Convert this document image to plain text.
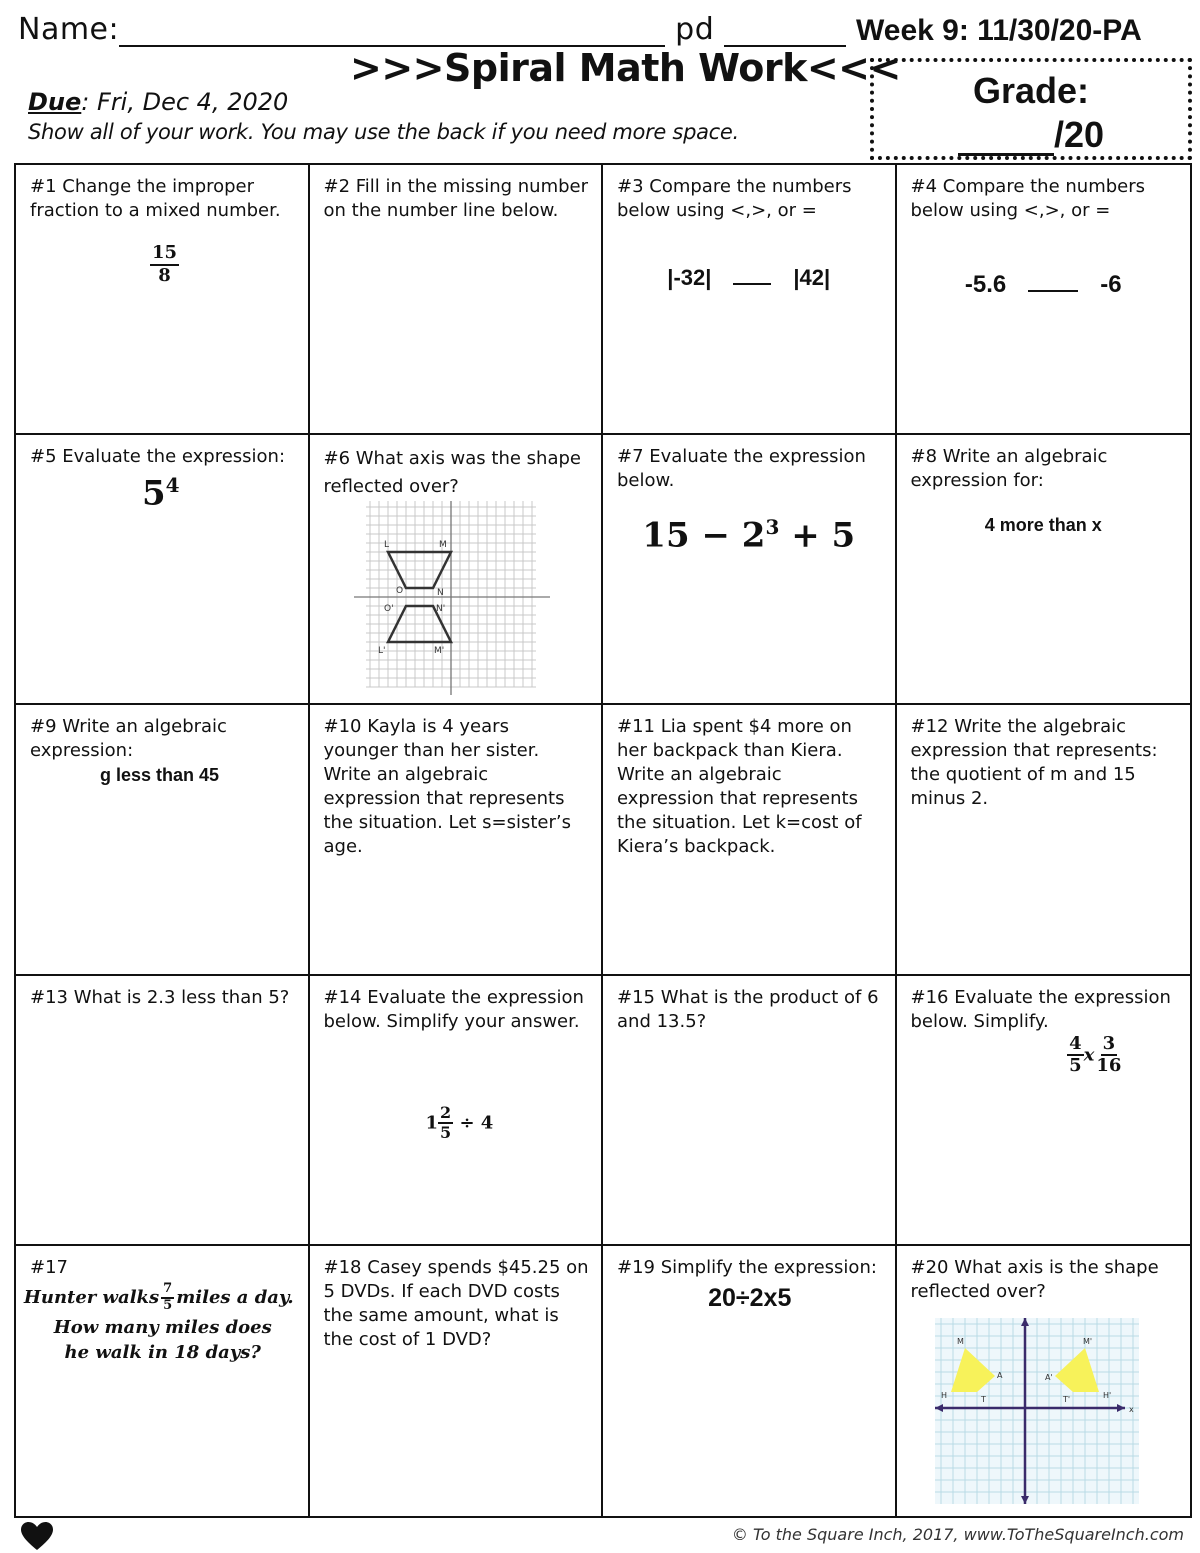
Name:	pd	Week 9: 11/30/20-PA
>>>Spiral Math Work<<<
Due: Fri, Dec 4, 2020
Show all of your work. You may use the back if you need more space.
Grade:
/20
#1 Change the improper fraction to a mixed number.
$\frac{15}{8}$
#2 Fill in the missing number on the number line below.
#3 Compare the numbers below using <,>, or =
|-32|	|42|
#4 Compare the numbers below using <,>, or =
-5.6	-6
#5 Evaluate the expression:
$5^4$
#6 What axis was the shape reflected over?
L	M
O	N
O'	N'
L'	M'
#7 Evaluate the expression below.
$15 - 2^3 + 5$
#8 Write an algebraic expression for:
4 more than x
#9 Write an algebraic expression:
g less than 45
#10 Kayla is 4 years younger than her sister. Write an algebraic expression that represents the situation. Let s=sister’s age.
#11 Lia spent $4 more on her backpack than Kiera. Write an algebraic expression that represents the situation. Let k=cost of Kiera’s backpack.
#12 Write the algebraic expression that represents: the quotient of m and 15 minus 2.
#13 What is 2.3 less than 5?	#14 Evaluate the expression below. Simplify your answer.
$1 \frac{2}{5} \div 4$
#15 What is the product of 6 and 13.5?
#16 Evaluate the expression below. Simplify.
$\frac{4}{5}$ x $\frac{3}{16}$
#17
Hunter walks $\frac{7}{5}$ miles a day.
How many miles does
he walk in 18 days?
#18 Casey spends $45.25 on 5 DVDs. If each DVD costs the same amount, what is the cost of 1 DVD?
#19 Simplify the expression:
20÷2x5
#20 What axis is the shape reflected over?
M	M'
A	A'
H	H'
T	T'
x
© To the Square Inch, 2017, www.ToTheSquareInch.com
